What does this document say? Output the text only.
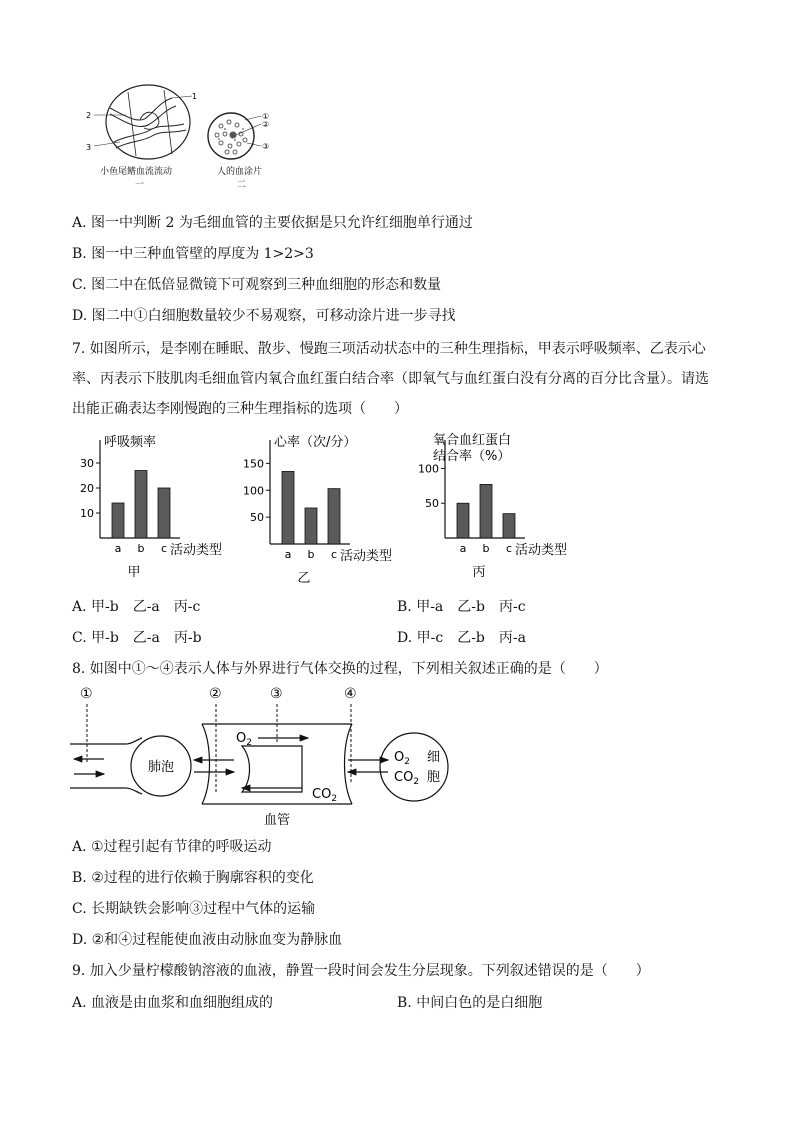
1
2
3
小鱼尾鳍血流流动
一
①
②
③
人的血涂片
二
A. 图一中判断 2 为毛细血管的主要依据是只允许红细胞单行通过
B. 图一中三种血管壁的厚度为 1>2>3
C. 图二中在低倍显微镜下可观察到三种血细胞的形态和数量
D. 图二中①白细胞数量较少不易观察，可移动涂片进一步寻找
7. 如图所示，是李刚在睡眠、散步、慢跑三项活动状态中的三种生理指标，甲表示呼吸频率、乙表示心
率、丙表示下肢肌肉毛细血管内氧合血红蛋白结合率（即氧气与血红蛋白没有分离的百分比含量）。请选
出能正确表达李刚慢跑的三种生理指标的选项（　　）
呼吸频率
10
20
30
a b c 活动类型
甲
心率（次/分）
50
100
150
a b c 活动类型
乙
氧合血红蛋白
结合率（%）
50
100
a b c 活动类型
丙
A. 甲-b　乙-a　丙-c	B. 甲-a　乙-b　丙-c
C. 甲-b　乙-a　丙-b	D. 甲-c　乙-b　丙-a
8. 如图中①～④表示人体与外界进行气体交换的过程，下列相关叙述正确的是（　　）
①	②	③	④
肺泡
$O_2$
$CO_2$
$O_2$
$CO_2$
细
胞
血管
A. ①过程引起有节律的呼吸运动
B. ②过程的进行依赖于胸廓容积的变化
C. 长期缺铁会影响③过程中气体的运输
D. ②和④过程能使血液由动脉血变为静脉血
9. 加入少量柠檬酸钠溶液的血液，静置一段时间会发生分层现象。下列叙述错误的是（　　）
A. 血液是由血浆和血细胞组成的	B. 中间白色的是白细胞
